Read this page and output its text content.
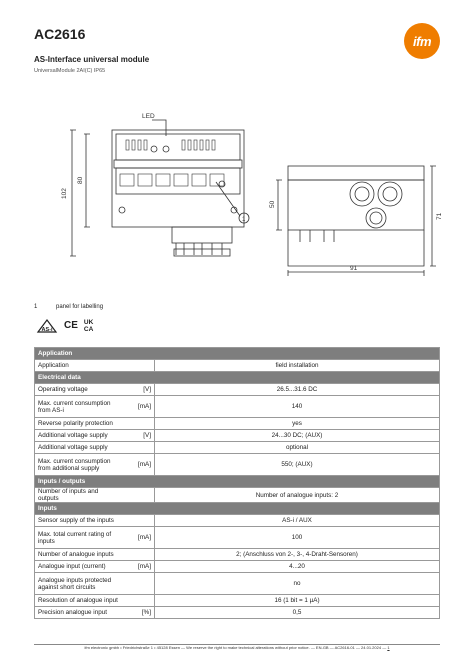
AC2616	ifm
AS-Interface universal module
UniversalModule 2AI(C) IP65
LED
1
102
80
50
71
91
1	panel for labelling
AS-i CE UK
CA
Application		
Application		field installation
Electrical data		
Operating voltage	[V]	26.5...31.6 DC
Max. current consumption from AS-i	[mA]	140
Reverse polarity protection		yes
Additional voltage supply	[V]	24...30 DC; (AUX)
Additional voltage supply		optional
Max. current consumption from additional supply	[mA]	550; (AUX)
Inputs / outputs		
Number of inputs and outputs		Number of analogue inputs: 2
Inputs		
Sensor supply of the inputs		AS-i / AUX
Max. total current rating of inputs	[mA]	100
Number of analogue inputs		2; (Anschluss von 2-, 3-, 4-Draht-Sensoren)
Analogue input (current)	[mA]	4...20
Analogue inputs protected against short circuits		no
Resolution of analogue input		16 (1 bit = 1 µA)
Precision analogue input	[%]	0,5
ifm electronic gmbh • Friedrichstraße 1 • 45128 Essen — We reserve the right to make technical alterations without prior notice. — EN-GB — AC2616-01 — 24.01.2024 — 1
